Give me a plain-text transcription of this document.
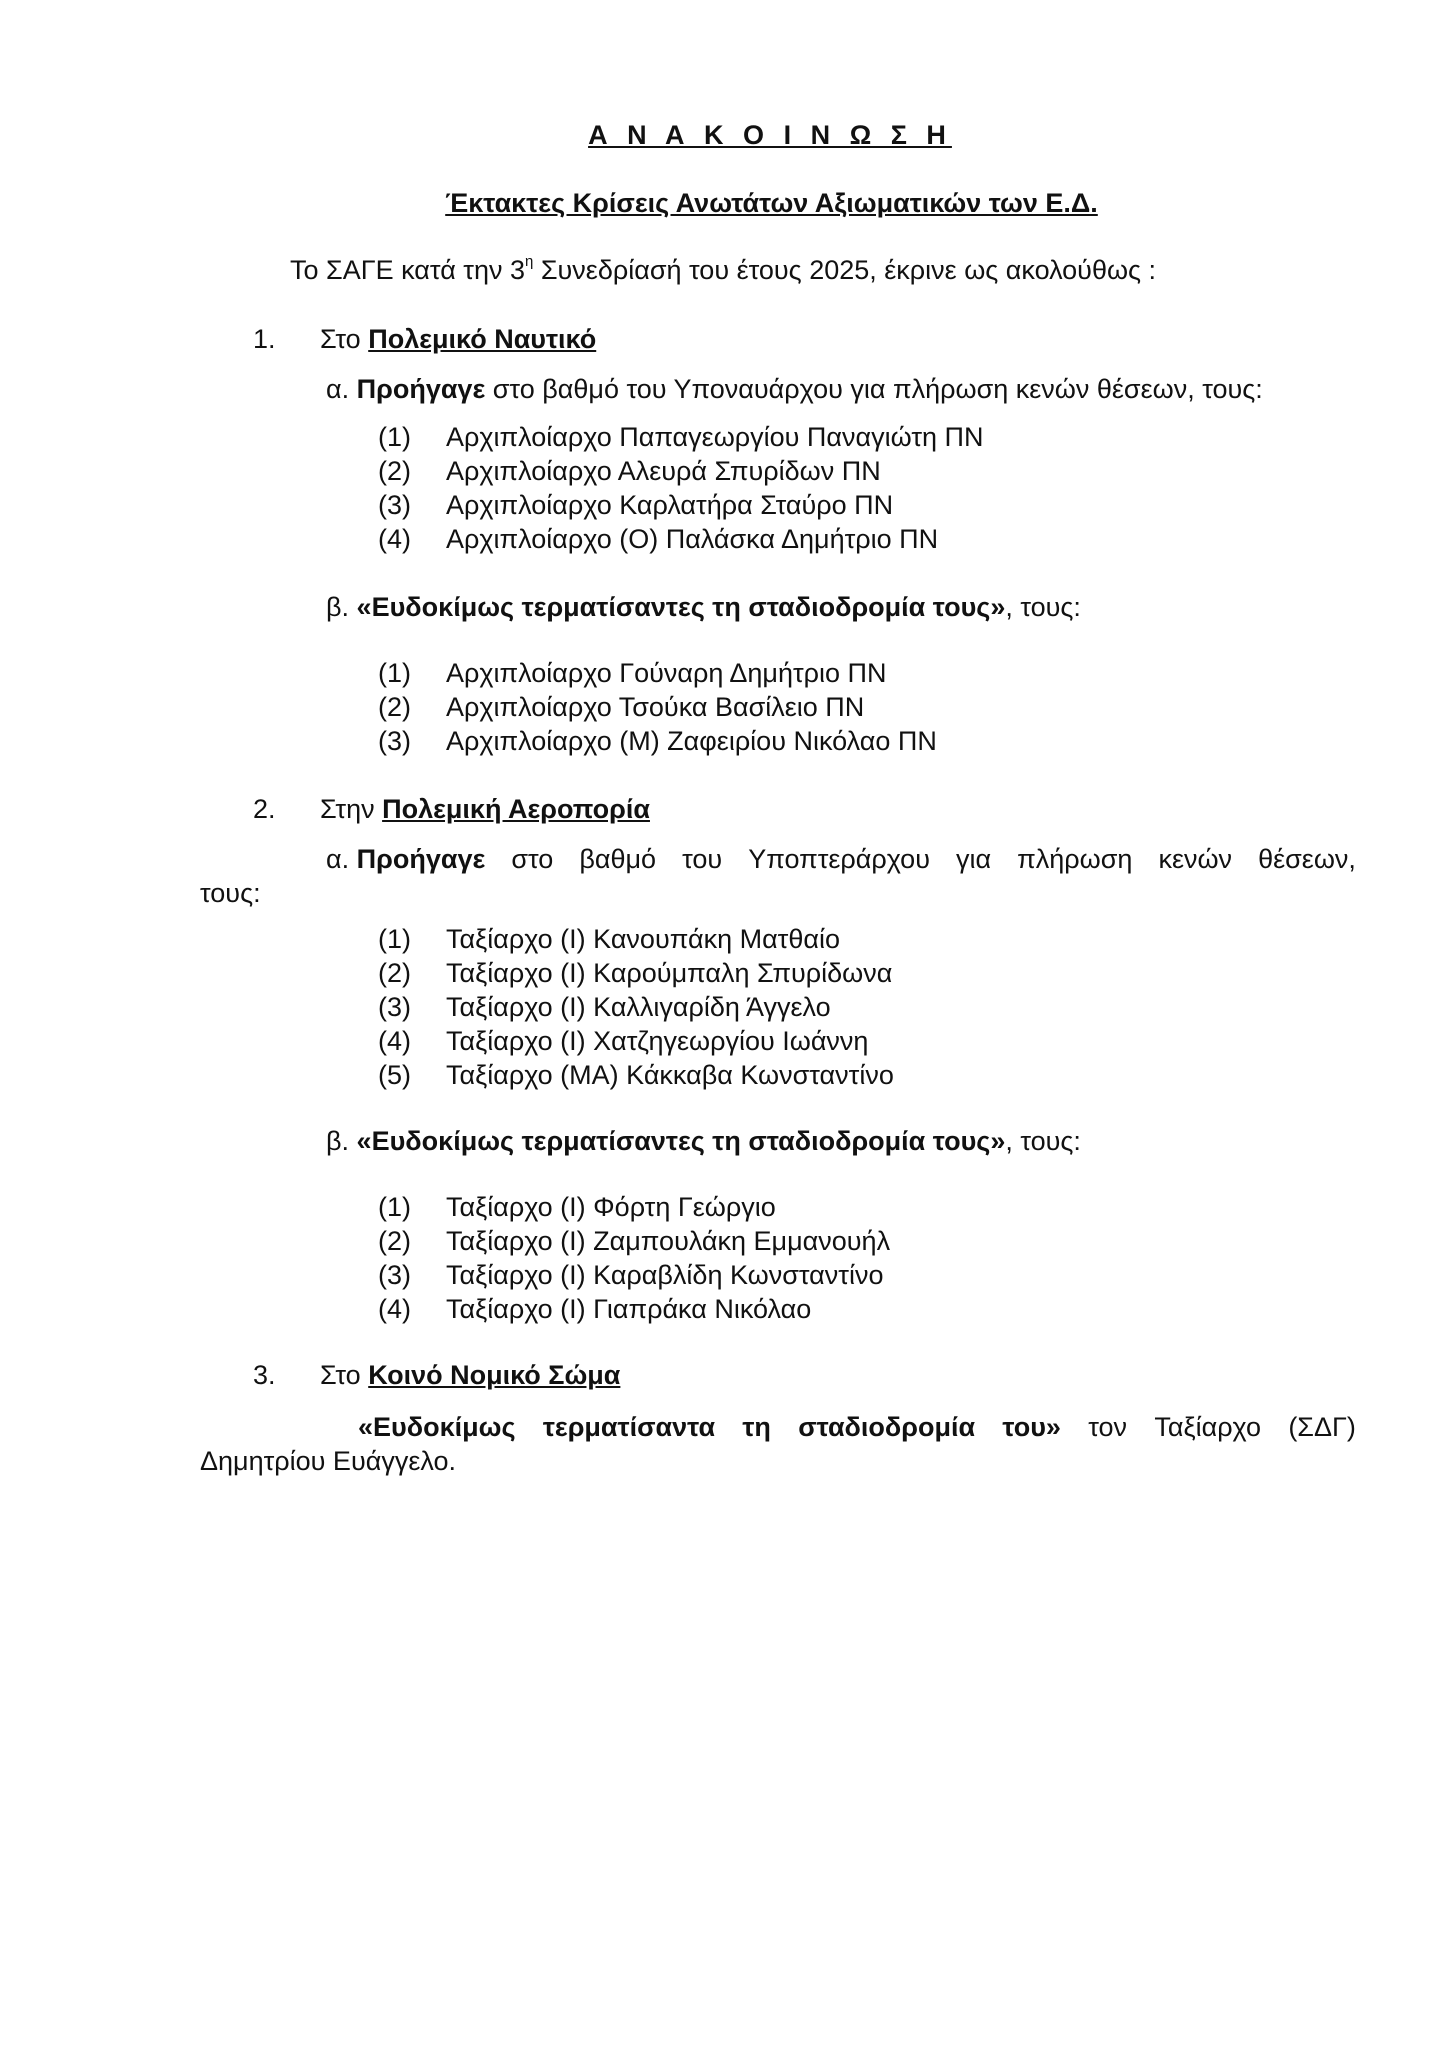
Α Ν Α Κ Ο Ι Ν Ω Σ Η
Έκτακτες Κρίσεις Ανωτάτων Αξιωματικών των Ε.Δ.
Το ΣΑΓΕ κατά την $3^\eta$ Συνεδρίασή του έτους 2025, έκρινε ως ακολούθως :
1. Στο Πολεμικό Ναυτικό
α. Προήγαγε στο βαθμό του Υποναυάρχου για πλήρωση κενών θέσεων, τους:
(1) Αρχιπλοίαρχο Παπαγεωργίου Παναγιώτη ΠΝ
(2) Αρχιπλοίαρχο Αλευρά Σπυρίδων ΠΝ
(3) Αρχιπλοίαρχο Καρλατήρα Σταύρο ΠΝ
(4) Αρχιπλοίαρχο (Ο) Παλάσκα Δημήτριο ΠΝ
β. «Ευδοκίμως τερματίσαντες τη σταδιοδρομία τους», τους:
(1) Αρχιπλοίαρχο Γούναρη Δημήτριο ΠΝ
(2) Αρχιπλοίαρχο Τσούκα Βασίλειο ΠΝ
(3) Αρχιπλοίαρχο (Μ) Ζαφειρίου Νικόλαο ΠΝ
2. Στην Πολεμική Αεροπορία
α. Προήγαγε στο βαθμό του Υποπτεράρχου για πλήρωση κενών θέσεων,
τους:
(1) Ταξίαρχο (Ι) Κανουπάκη Ματθαίο
(2) Ταξίαρχο (Ι) Καρούμπαλη Σπυρίδωνα
(3) Ταξίαρχο (Ι) Καλλιγαρίδη Άγγελο
(4) Ταξίαρχο (Ι) Χατζηγεωργίου Ιωάννη
(5) Ταξίαρχο (ΜΑ) Κάκκαβα Κωνσταντίνο
β. «Ευδοκίμως τερματίσαντες τη σταδιοδρομία τους», τους:
(1) Ταξίαρχο (Ι) Φόρτη Γεώργιο
(2) Ταξίαρχο (Ι) Ζαμπουλάκη Εμμανουήλ
(3) Ταξίαρχο (Ι) Καραβλίδη Κωνσταντίνο
(4) Ταξίαρχο (Ι) Γιαπράκα Νικόλαο
3. Στο Κοινό Νομικό Σώμα
«Ευδοκίμως τερματίσαντα τη σταδιοδρομία του» τον Ταξίαρχο (ΣΔΓ)
Δημητρίου Ευάγγελο.
